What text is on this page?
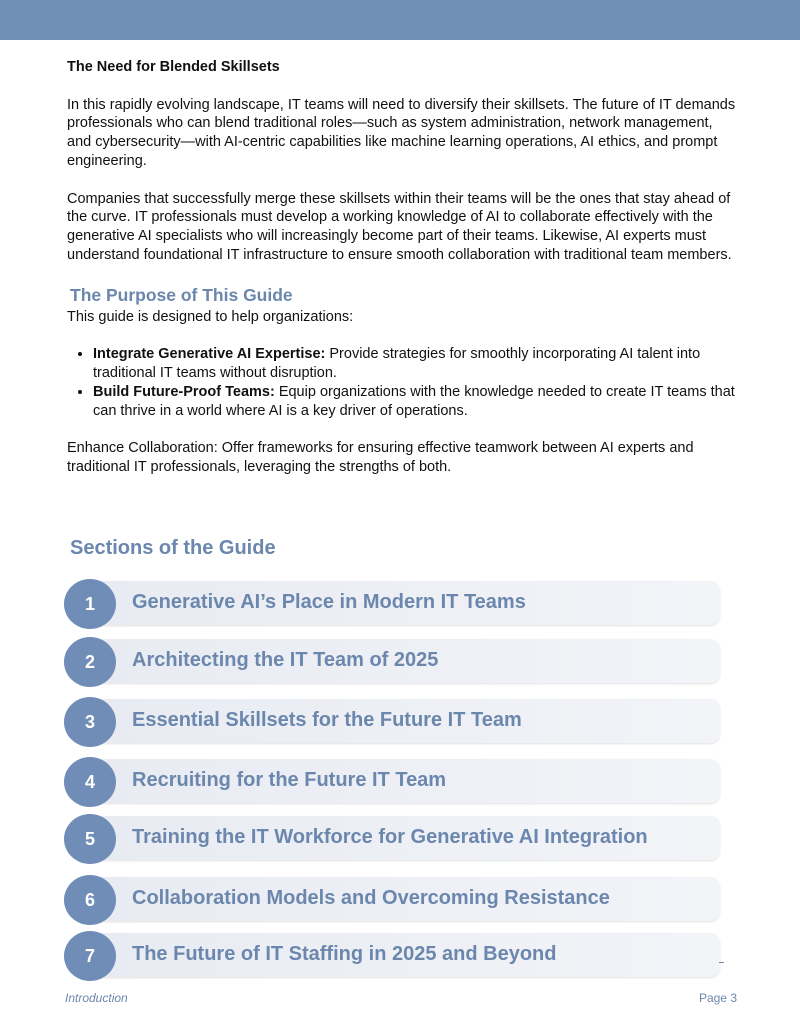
The Need for Blended Skillsets

In this rapidly evolving landscape, IT teams will need to diversify their skillsets. The future of IT demands professionals who can blend traditional roles—such as system administration, network management, and cybersecurity—with AI-centric capabilities like machine learning operations, AI ethics, and prompt engineering.

Companies that successfully merge these skillsets within their teams will be the ones that stay ahead of the curve. IT professionals must develop a working knowledge of AI to collaborate effectively with the generative AI specialists who will increasingly become part of their teams. Likewise, AI experts must understand foundational IT infrastructure to ensure smooth collaboration with traditional team members.

The Purpose of This Guide

This guide is designed to help organizations:

• Integrate Generative AI Expertise: Provide strategies for smoothly incorporating AI talent into traditional IT teams without disruption.
• Build Future-Proof Teams: Equip organizations with the knowledge needed to create IT teams that can thrive in a world where AI is a key driver of operations.

Enhance Collaboration: Offer frameworks for ensuring effective teamwork between AI experts and traditional IT professionals, leveraging the strengths of both.

Sections of the Guide
1	Generative AI’s Place in Modern IT Teams
2	Architecting the IT Team of 2025
3	Essential Skillsets for the Future IT Team
4	Recruiting for the Future IT Team
5	Training the IT Workforce for Generative AI Integration
6	Collaboration Models and Overcoming Resistance
7	The Future of IT Staffing in 2025 and Beyond
Introduction	Page 3
